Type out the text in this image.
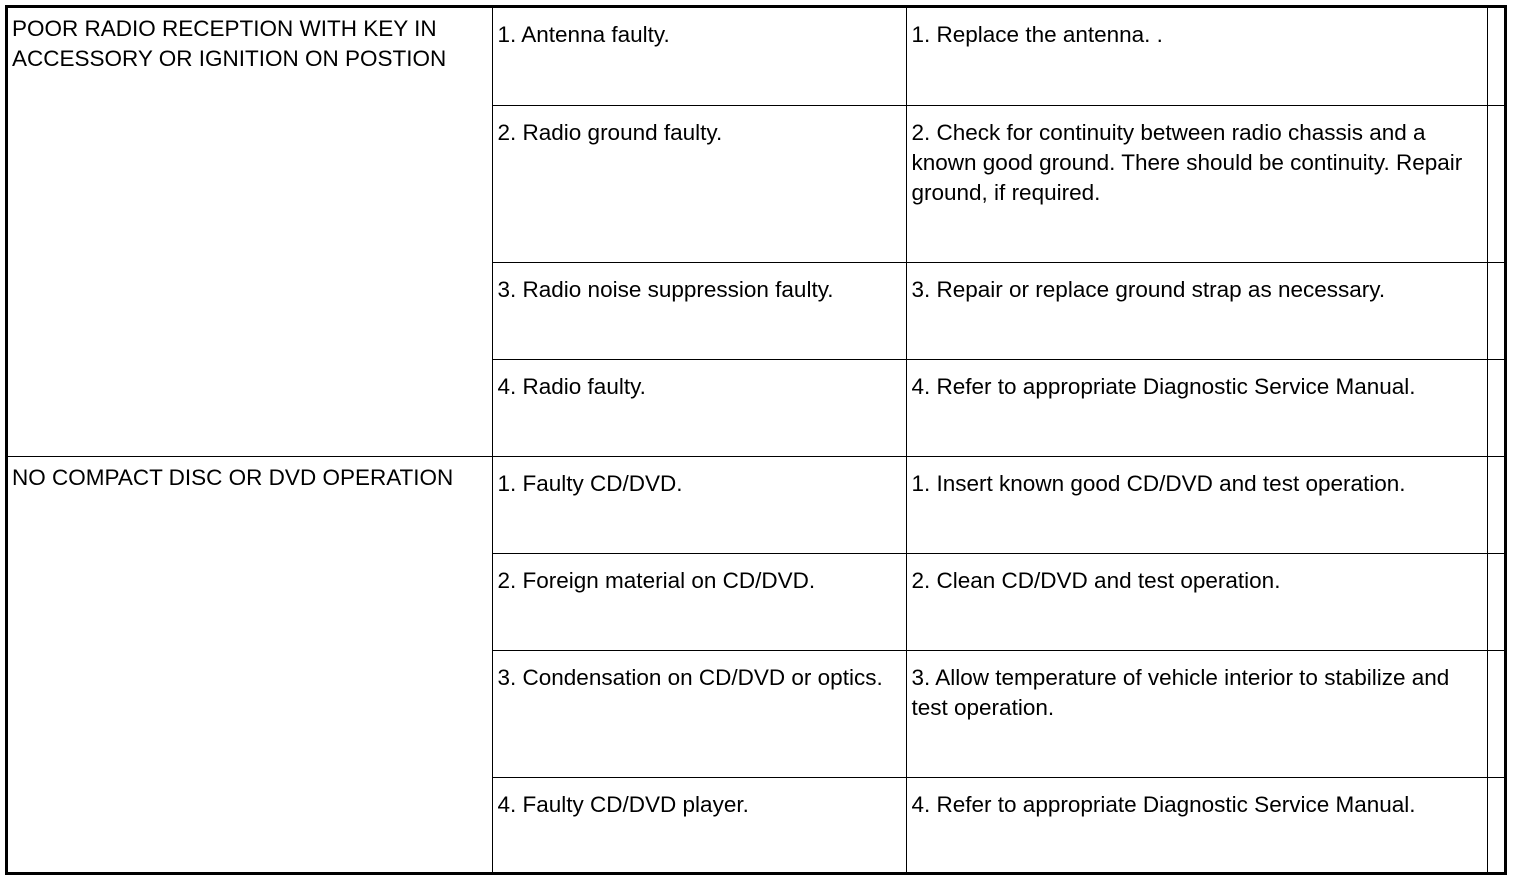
POOR RADIO RECEPTION WITH KEY IN ACCESSORY OR IGNITION ON POSTION	1. Antenna faulty.	1. Replace the antenna. .	
	2. Radio ground faulty.	2. Check for continuity between radio chassis and a known good ground. There should be continuity. Repair ground, if required.	
	3. Radio noise suppression faulty.	3. Repair or replace ground strap as necessary.	
	4. Radio faulty.	4. Refer to appropriate Diagnostic Service Manual.	
NO COMPACT DISC OR DVD OPERATION	1. Faulty CD/DVD.	1. Insert known good CD/DVD and test operation.	
	2. Foreign material on CD/DVD.	2. Clean CD/DVD and test operation.	
	3. Condensation on CD/DVD or optics.	3. Allow temperature of vehicle interior to stabilize and test operation.	
	4. Faulty CD/DVD player.	4. Refer to appropriate Diagnostic Service Manual.	
